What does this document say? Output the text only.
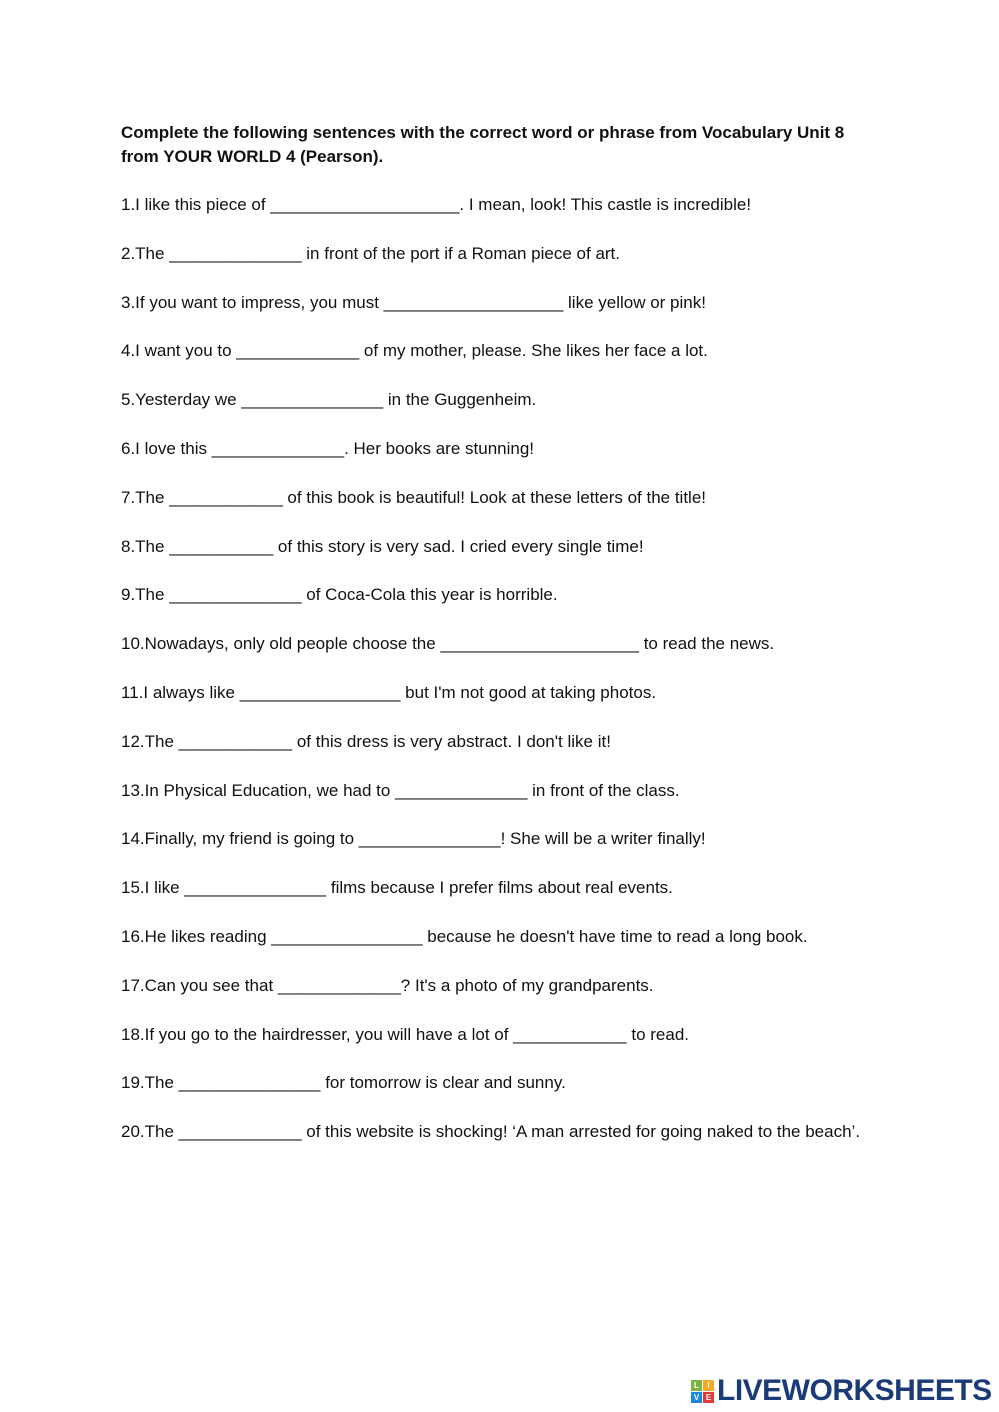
Complete the following sentences with the correct word or phrase from Vocabulary Unit 8 from YOUR WORLD 4 (Pearson).
1.I like this piece of ____________________. I mean, look! This castle is incredible!
2.The ______________ in front of the port if a Roman piece of art.
3.If you want to impress, you must ___________________ like yellow or pink!
4.I want you to _____________ of my mother, please. She likes her face a lot.
5.Yesterday we _______________ in the Guggenheim.
6.I love this ______________. Her books are stunning!
7.The ____________ of this book is beautiful! Look at these letters of the title!
8.The ___________ of this story is very sad. I cried every single time!
9.The ______________ of Coca-Cola this year is horrible.
10.Nowadays, only old people choose the _____________________ to read the news.
11.I always like _________________ but I'm not good at taking photos.
12.The ____________ of this dress is very abstract. I don't like it!
13.In Physical Education, we had to ______________ in front of the class.
14.Finally, my friend is going to _______________! She will be a writer finally!
15.I like _______________ films because I prefer films about real events.
16.He likes reading ________________ because he doesn't have time to read a long book.
17.Can you see that _____________? It's a photo of my grandparents.
18.If you go to the hairdresser, you will have a lot of ____________ to read.
19.The _______________ for tomorrow is clear and sunny.
20.The _____________ of this website is shocking! ‘A man arrested for going naked to the beach’.
L	I
V E LIVEWORKSHEETS
